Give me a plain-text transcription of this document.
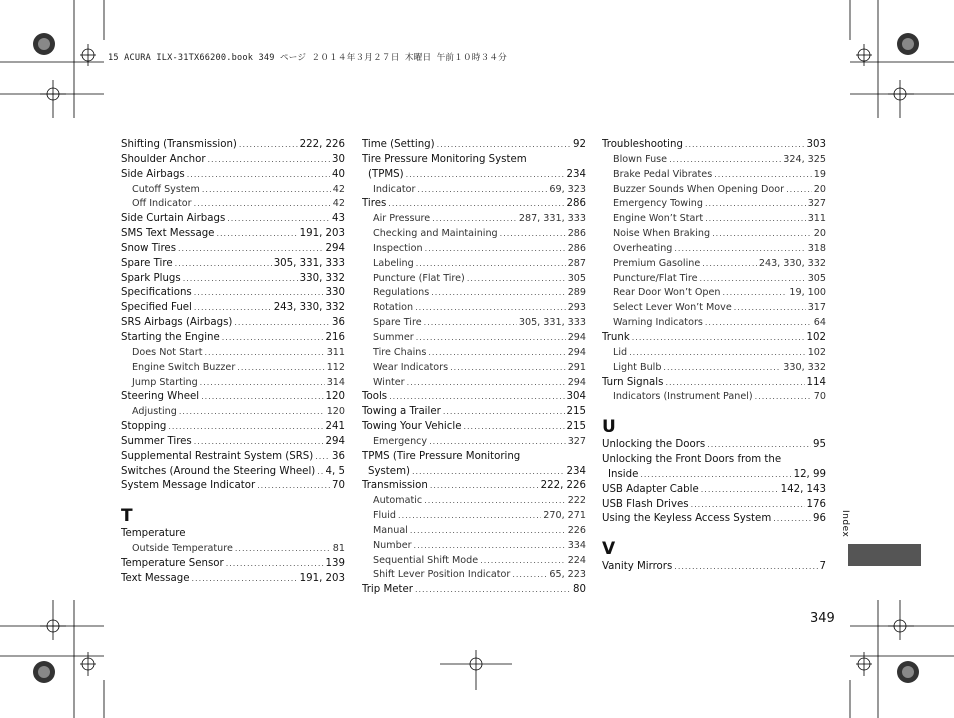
15 ACURA ILX-31TX66200.book 349 ページ ２０１４年３月２７日 木曜日 午前１０時３４分
Shifting (Transmission) .....	222, 226
Shoulder Anchor .....	30
Side Airbags .....	40
Cutoff System .....	42
Off Indicator .....	42
Side Curtain Airbags .....	43
SMS Text Message .....	191, 203
Snow Tires .....	294
Spare Tire .....	305, 331, 333
Spark Plugs .....	330, 332
Specifications .....	330
Specified Fuel .....	243, 330, 332
SRS Airbags (Airbags) .....	36
Starting the Engine .....	216
Does Not Start .....	311
Engine Switch Buzzer .....	112
Jump Starting .....	314
Steering Wheel .....	120
Adjusting .....	120
Stopping .....	241
Summer Tires .....	294
Supplemental Restraint System (SRS) ..... 36
Switches (Around the Steering Wheel) ..... 4, 5
System Message Indicator .....	70
T
Temperature
Outside Temperature .....	81
Temperature Sensor .....	139
Text Message .....	191, 203
Time (Setting) .....	92
Tire Pressure Monitoring System
(TPMS) .....	234
Indicator .....	69, 323
Tires .....	286
Air Pressure .....	287, 331, 333
Checking and Maintaining .....	286
Inspection .....	286
Labeling .....	287
Puncture (Flat Tire) .....	305
Regulations .....	289
Rotation .....	293
Spare Tire .....	305, 331, 333
Summer .....	294
Tire Chains .....	294
Wear Indicators .....	291
Winter .....	294
Tools .....	304
Towing a Trailer .....	215
Towing Your Vehicle .....	215
Emergency .....	327
TPMS (Tire Pressure Monitoring
System) .....	234
Transmission .....	222, 226
Automatic .....	222
Fluid .....	270, 271
Manual .....	226
Number .....	334
Sequential Shift Mode .....	224
Shift Lever Position Indicator .....	65, 223
Trip Meter .....	80
Troubleshooting .....	303
Blown Fuse .....	324, 325
Brake Pedal Vibrates .....	19
Buzzer Sounds When Opening Door .....	20
Emergency Towing .....	327
Engine Won’t Start .....	311
Noise When Braking .....	20
Overheating .....	318
Premium Gasoline .....	243, 330, 332
Puncture/Flat Tire .....	305
Rear Door Won’t Open .....	19, 100
Select Lever Won’t Move .....	317
Warning Indicators .....	64
Trunk .....	102
Lid .....	102
Light Bulb .....	330, 332
Turn Signals .....	114
Indicators (Instrument Panel) .....	70
U
Unlocking the Doors .....	95
Unlocking the Front Doors from the
Inside .....	12, 99
USB Adapter Cable .....	142, 143
USB Flash Drives .....	176
Using the Keyless Access System .....	96
V
Vanity Mirrors .....	7
Index
349
